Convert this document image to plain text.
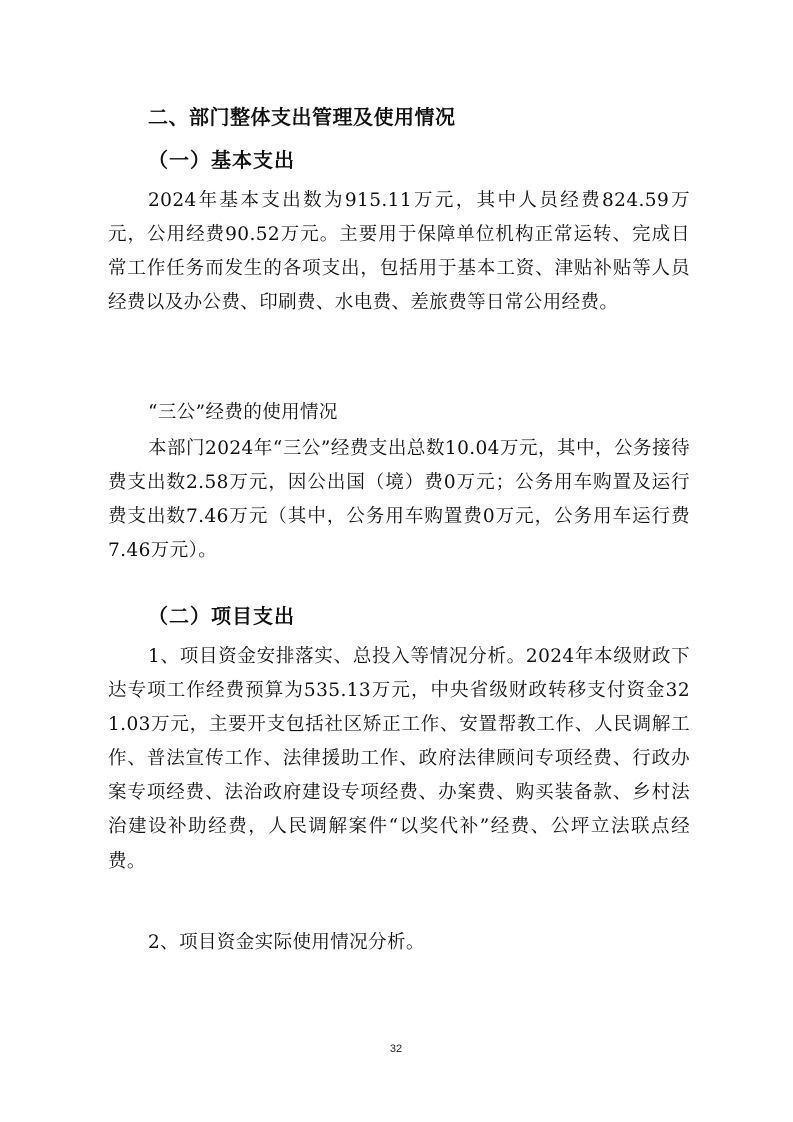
二、部门整体支出管理及使用情况
（一）基本支出

2024年基本支出数为915.11万元，其中人员经费824.59万元，公用经费90.52万元。主要用于保障单位机构正常运转、完成日常工作任务而发生的各项支出，包括用于基本工资、津贴补贴等人员经费以及办公费、印刷费、水电费、差旅费等日常公用经费。

“三公”经费的使用情况

本部门2024年“三公”经费支出总数10.04万元，其中，公务接待费支出数2.58万元，因公出国（境）费0万元；公务用车购置及运行费支出数7.46万元（其中，公务用车购置费0万元，公务用车运行费7.46万元）。

（二）项目支出

1、项目资金安排落实、总投入等情况分析。2024年本级财政下达专项工作经费预算为535.13万元，中央省级财政转移支付资金321.03万元，主要开支包括社区矫正工作、安置帮教工作、人民调解工作、普法宣传工作、法律援助工作、政府法律顾问专项经费、行政办案专项经费、法治政府建设专项经费、办案费、购买装备款、乡村法治建设补助经费，人民调解案件“以奖代补”经费、公坪立法联点经费。

2、项目资金实际使用情况分析。

32
